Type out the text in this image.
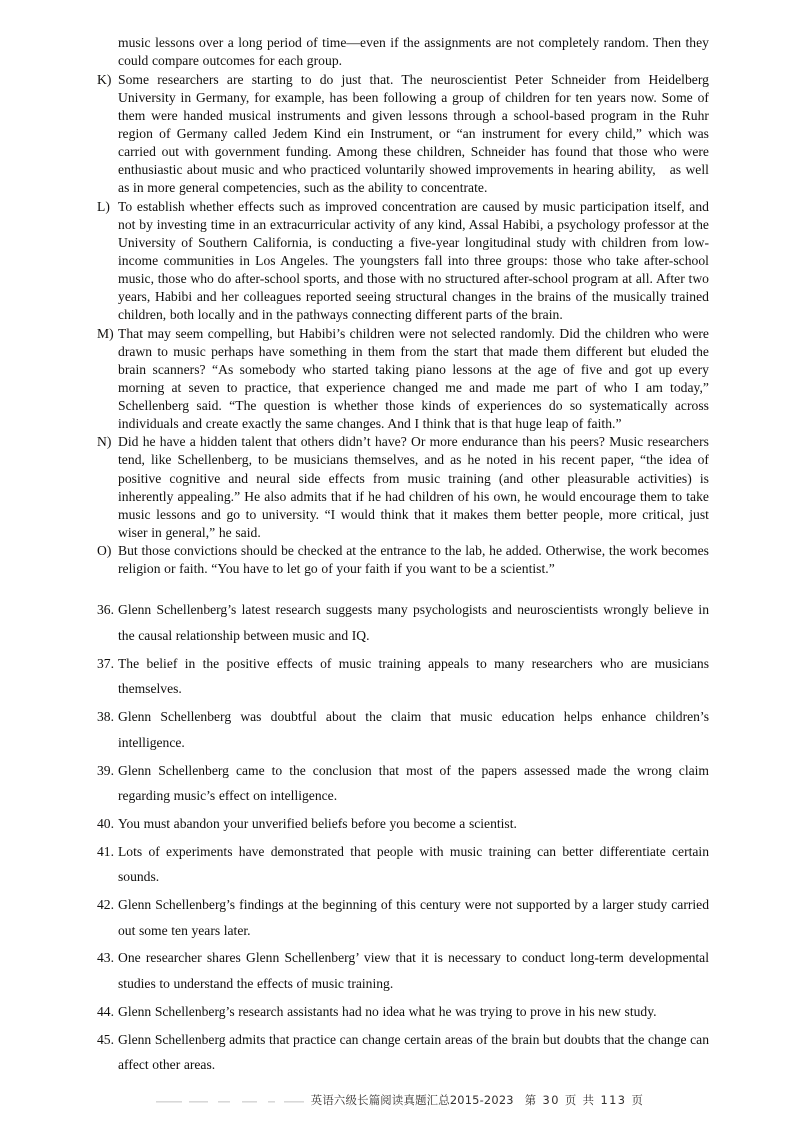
music lessons over a long period of time—even if the assignments are not completely random. Then they could compare outcomes for each group.
K) Some researchers are starting to do just that. The neuroscientist Peter Schneider from Heidelberg University in Germany, for example, has been following a group of children for ten years now. Some of them were handed musical instruments and given lessons through a school-based program in the Ruhr region of Germany called Jedem Kind ein Instrument, or “an instrument for every child,” which was carried out with government funding. Among these children, Schneider has found that those who were enthusiastic about music and who practiced voluntarily showed improvements in hearing ability, as well as in more general competencies, such as the ability to concentrate.
L) To establish whether effects such as improved concentration are caused by music participation itself, and not by investing time in an extracurricular activity of any kind, Assal Habibi, a psychology professor at the University of Southern California, is conducting a five-year longitudinal study with children from low-income communities in Los Angeles. The youngsters fall into three groups: those who take after-school music, those who do after-school sports, and those with no structured after-school program at all. After two years, Habibi and her colleagues reported seeing structural changes in the brains of the musically trained children, both locally and in the pathways connecting different parts of the brain.
M) That may seem compelling, but Habibi’s children were not selected randomly. Did the children who were drawn to music perhaps have something in them from the start that made them different but eluded the brain scanners? “As somebody who started taking piano lessons at the age of five and got up every morning at seven to practice, that experience changed me and made me part of who I am today,” Schellenberg said. “The question is whether those kinds of experiences do so systematically across individuals and create exactly the same changes. And I think that is that huge leap of faith.”
N) Did he have a hidden talent that others didn’t have? Or more endurance than his peers? Music researchers tend, like Schellenberg, to be musicians themselves, and as he noted in his recent paper, “the idea of positive cognitive and neural side effects from music training (and other pleasurable activities) is inherently appealing.” He also admits that if he had children of his own, he would encourage them to take music lessons and go to university. “I would think that it makes them better people, more critical, just wiser in general,” he said.
O) But those convictions should be checked at the entrance to the lab, he added. Otherwise, the work becomes religion or faith. “You have to let go of your faith if you want to be a scientist.”
36. Glenn Schellenberg’s latest research suggests many psychologists and neuroscientists wrongly believe in the causal relationship between music and IQ.
37. The belief in the positive effects of music training appeals to many researchers who are musicians themselves.
38. Glenn Schellenberg was doubtful about the claim that music education helps enhance children’s intelligence.
39. Glenn Schellenberg came to the conclusion that most of the papers assessed made the wrong claim regarding music’s effect on intelligence.
40. You must abandon your unverified beliefs before you become a scientist.
41. Lots of experiments have demonstrated that people with music training can better differentiate certain sounds.
42. Glenn Schellenberg’s findings at the beginning of this century were not supported by a larger study carried out some ten years later.
43. One researcher shares Glenn Schellenberg’ view that it is necessary to conduct long-term developmental studies to understand the effects of music training.
44. Glenn Schellenberg’s research assistants had no idea what he was trying to prove in his new study.
45. Glenn Schellenberg admits that practice can change certain areas of the brain but doubts that the change can affect other areas.
英语六级长篇阅读真题汇总2015-2023 第 30 页 共 113 页
